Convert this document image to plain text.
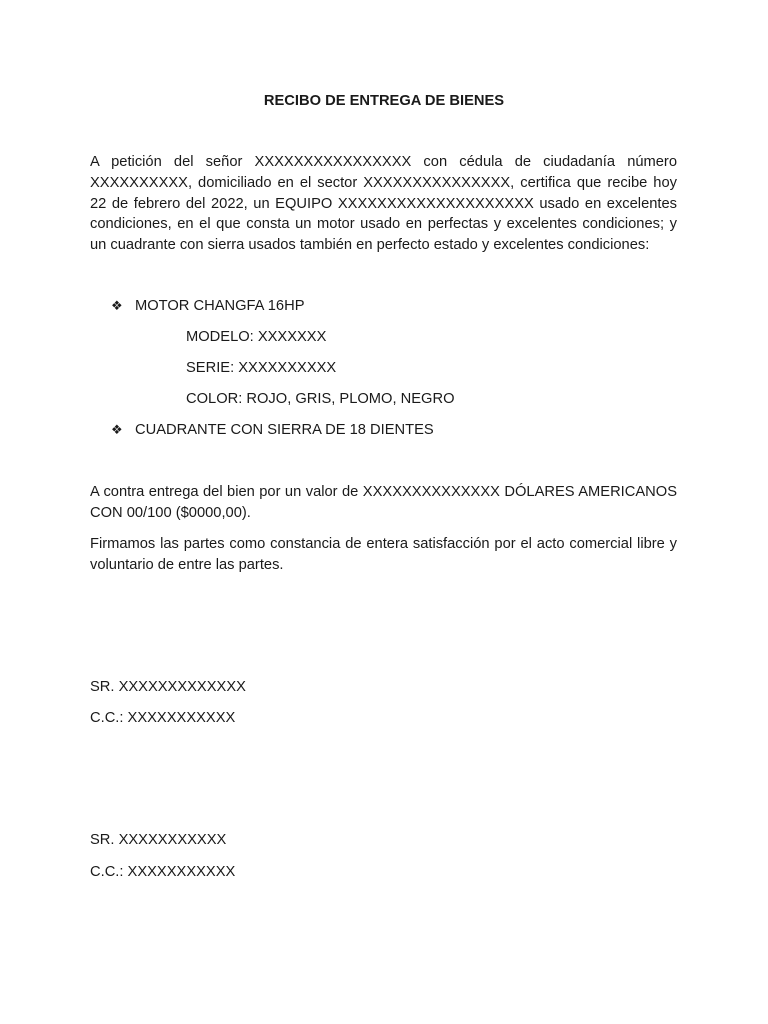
RECIBO DE ENTREGA DE BIENES

A petición del señor XXXXXXXXXXXXXXXX con cédula de ciudadanía número XXXXXXXXXX, domiciliado en el sector XXXXXXXXXXXXXXX, certifica que recibe hoy 22 de febrero del 2022, un EQUIPO XXXXXXXXXXXXXXXXXXXX usado en excelentes condiciones, en el que consta un motor usado en perfectas y excelentes condiciones; y un cuadrante con sierra usados también en perfecto estado y excelentes condiciones:

❖ MOTOR CHANGFA 16HP
MODELO: XXXXXXX
SERIE: XXXXXXXXXX
COLOR: ROJO, GRIS, PLOMO, NEGRO
❖ CUADRANTE CON SIERRA DE 18 DIENTES

A contra entrega del bien por un valor de XXXXXXXXXXXXXX DÓLARES AMERICANOS CON 00/100 ($0000,00).

Firmamos las partes como constancia de entera satisfacción por el acto comercial libre y voluntario de entre las partes.

SR. XXXXXXXXXXXXX
C.C.: XXXXXXXXXXX
SR. XXXXXXXXXXX
C.C.: XXXXXXXXXXX
